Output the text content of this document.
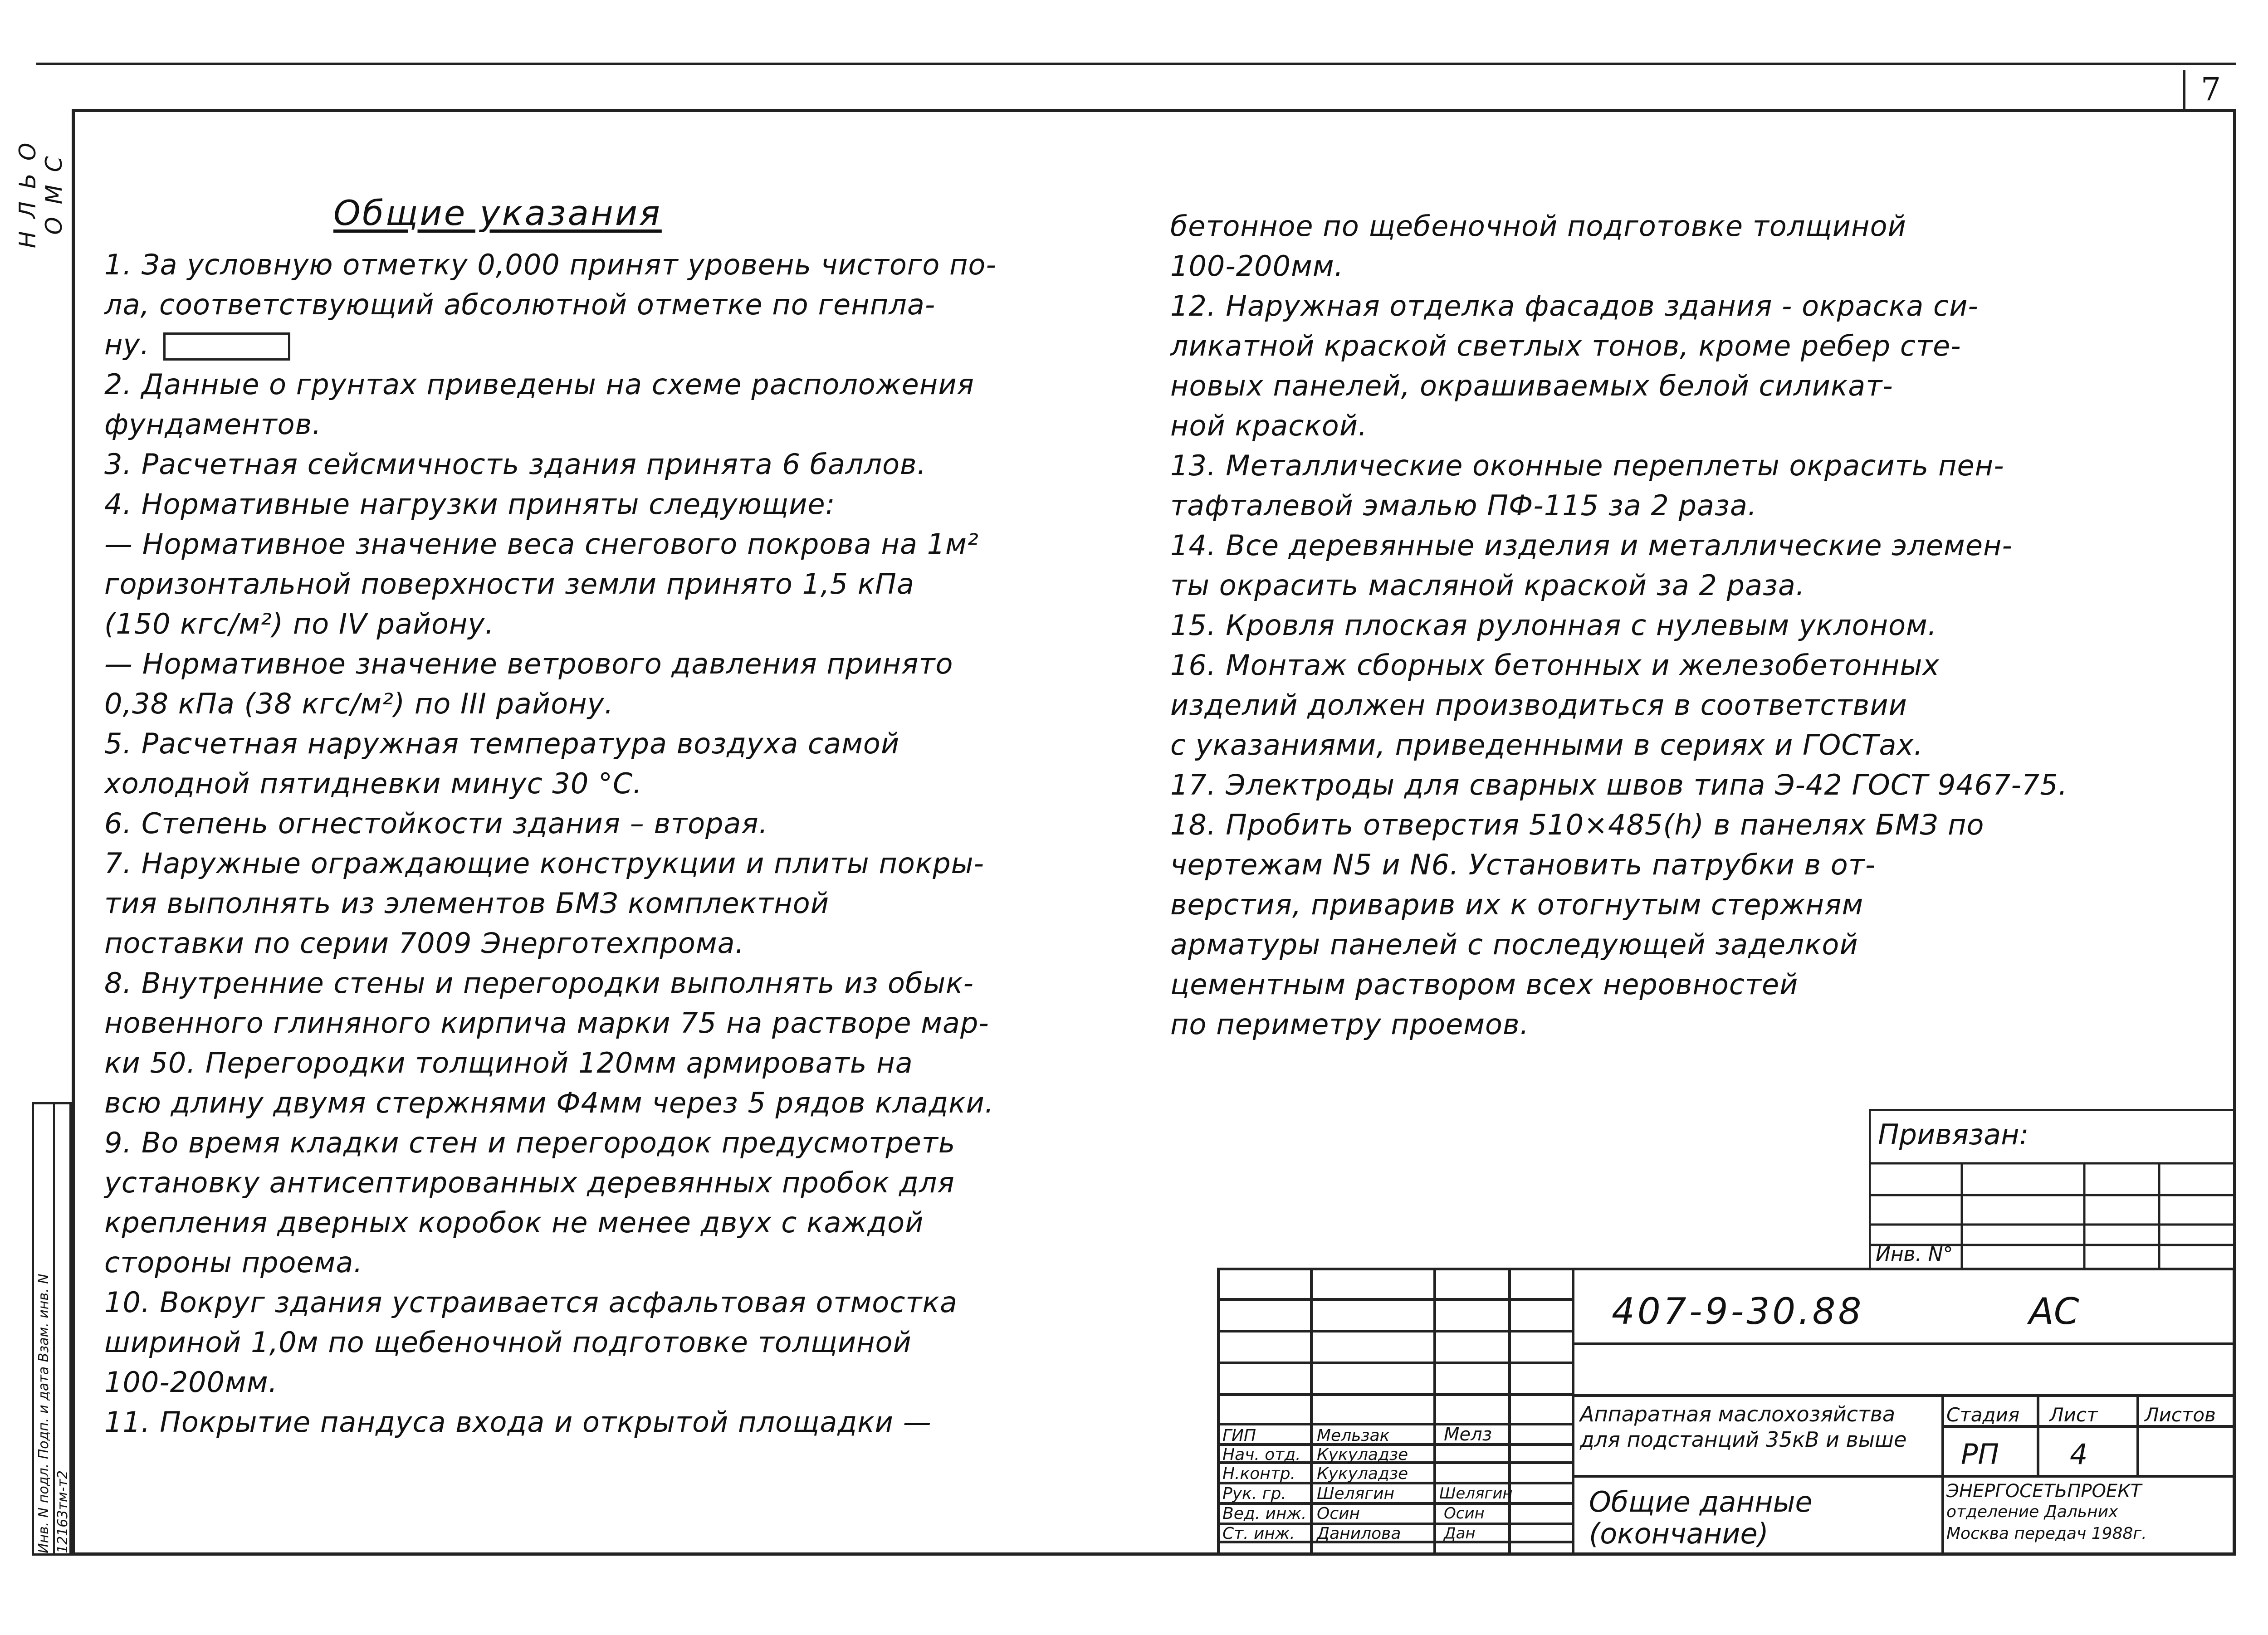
7
Н Л Ь О О М С
Инв. N подл. Подп. и дата Взам. инв. N 12163тм-т2
Общие указания

1. За условную отметку 0,000 принят уровень чистого по-

ла, соответствующий абсолютной отметке по генпла-

ну.

2. Данные о грунтах приведены на схеме расположения

фундаментов.

3. Расчетная сейсмичность здания принята 6 баллов.

4. Нормативные нагрузки приняты следующие:

— Нормативное значение веса снегового покрова на 1м²

горизонтальной поверхности земли принято 1,5 кПа

(150 кгс/м²) по IV району.

— Нормативное значение ветрового давления принято

0,38 кПа (38 кгс/м²) по III району.

5. Расчетная наружная температура воздуха самой

холодной пятидневки минус 30 °С.

6. Степень огнестойкости здания – вторая.

7. Наружные ограждающие конструкции и плиты покры-

тия выполнять из элементов БМЗ комплектной

поставки по серии 7009 Энерготехпрома.

8. Внутренние стены и перегородки выполнять из обык-

новенного глиняного кирпича марки 75 на растворе мар-

ки 50. Перегородки толщиной 120мм армировать на

всю длину двумя стержнями Ф4мм через 5 рядов кладки.

9. Во время кладки стен и перегородок предусмотреть

установку антисептированных деревянных пробок для

крепления дверных коробок не менее двух с каждой

стороны проема.

10. Вокруг здания устраивается асфальтовая отмостка

шириной 1,0м по щебеночной подготовке толщиной

100-200мм.

11. Покрытие пандуса входа и открытой площадки —

бетонное по щебеночной подготовке толщиной

100-200мм.

12. Наружная отделка фасадов здания - окраска си-

ликатной краской светлых тонов, кроме ребер сте-

новых панелей, окрашиваемых белой силикат-

ной краской.

13. Металлические оконные переплеты окрасить пен-

тафталевой эмалью ПФ-115 за 2 раза.

14. Все деревянные изделия и металлические элемен-

ты окрасить масляной краской за 2 раза.

15. Кровля плоская рулонная с нулевым уклоном.

16. Монтаж сборных бетонных и железобетонных

изделий должен производиться в соответствии

с указаниями, приведенными в сериях и ГОСТах.

17. Электроды для сварных швов типа Э-42 ГОСТ 9467-75.

18. Пробить отверстия 510×485(h) в панелях БМЗ по

чертежам N5 и N6. Установить патрубки в от-

верстия, приварив их к отогнутым стержням

арматуры панелей с последующей заделкой

цементным раствором всех неровностей

по периметру проемов.

Привязан:
Инв. N°
407-9-30.88	АС
Аппаратная маслохозяйства для подстанций 35кВ и выше
Общие данные
(окончание)
Стадия Лист Листов
РП	4
ЭНЕРГОСЕТЬПРОЕКТ
отделение Дальних
Москва передач 1988г.
ГИП	Мельзак	Мелз
Нач. отд. Кукуладзе
Н.контр. Кукуладзе
Рук. гр. Шелягин	Шелягин
Вед. инж. Осин	Осин
Ст. инж. Данилова	Дан
